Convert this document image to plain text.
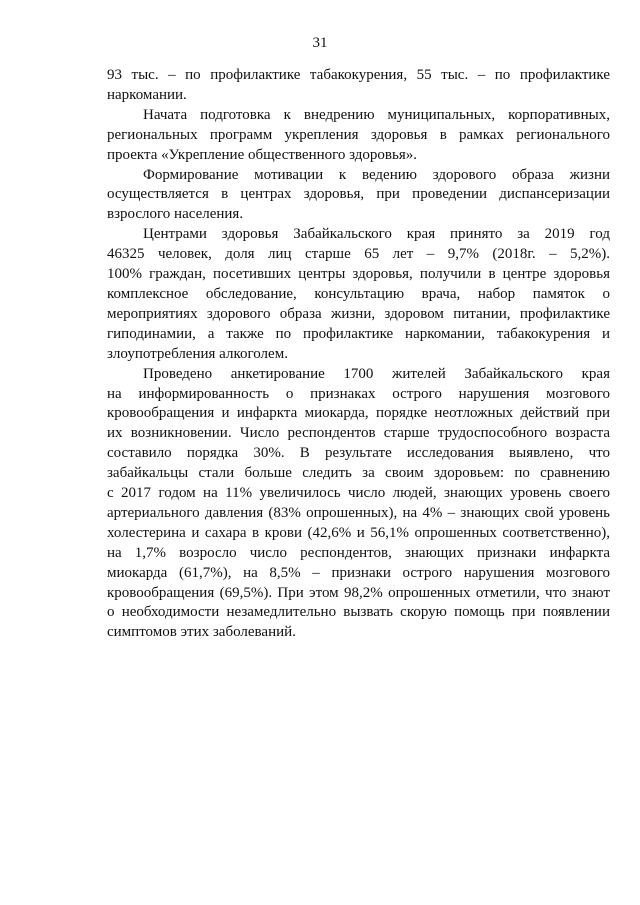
31
93 тыс. – по профилактике табакокурения, 55 тыс. – по профилактике
наркомании.
Начата подготовка к внедрению муниципальных, корпоративных,
региональных программ укрепления здоровья в рамках регионального
проекта «Укрепление общественного здоровья».
Формирование мотивации к ведению здорового образа жизни
осуществляется в центрах здоровья, при проведении диспансеризации
взрослого населения.
Центрами здоровья Забайкальского края принято за 2019 год
46325 человек, доля лиц старше 65 лет – 9,7% (2018г. – 5,2%).
100% граждан, посетивших центры здоровья, получили в центре здоровья
комплексное обследование, консультацию врача, набор памяток о
мероприятиях здорового образа жизни, здоровом питании, профилактике
гиподинамии, а также по профилактике наркомании, табакокурения и
злоупотребления алкоголем.
Проведено анкетирование 1700 жителей Забайкальского края
на информированность о признаках острого нарушения мозгового
кровообращения и инфаркта миокарда, порядке неотложных действий при
их возникновении. Число респондентов старше трудоспособного возраста
составило порядка 30%. В результате исследования выявлено, что
забайкальцы стали больше следить за своим здоровьем: по сравнению
с 2017 годом на 11% увеличилось число людей, знающих уровень своего
артериального давления (83% опрошенных), на 4% – знающих свой уровень
холестерина и сахара в крови (42,6% и 56,1% опрошенных соответственно),
на 1,7% возросло число респондентов, знающих признаки инфаркта
миокарда (61,7%), на 8,5% – признаки острого нарушения мозгового
кровообращения (69,5%). При этом 98,2% опрошенных отметили, что знают
о необходимости незамедлительно вызвать скорую помощь при появлении
симптомов этих заболеваний.
